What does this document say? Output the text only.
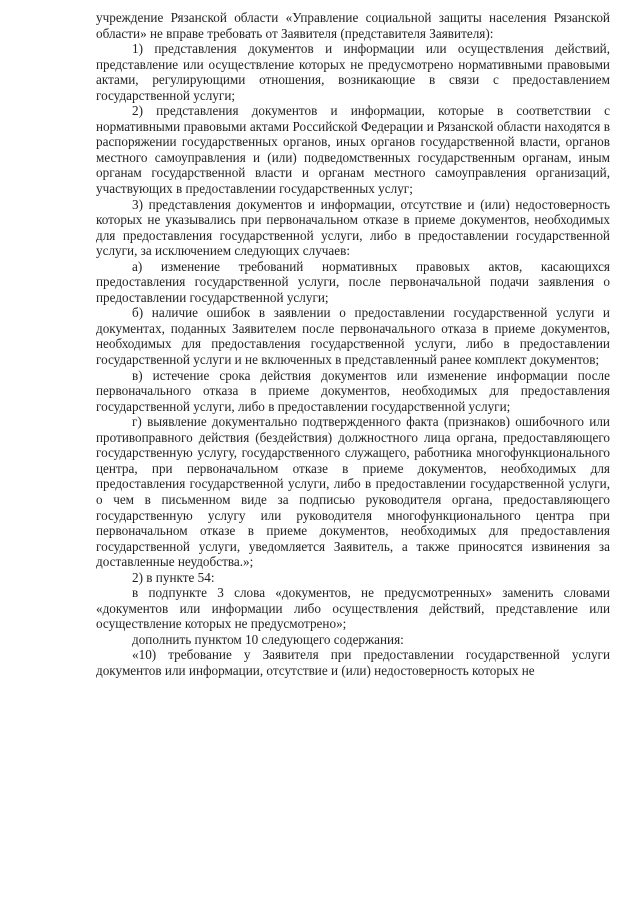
учреждение Рязанской области «Управление социальной защиты населения Рязанской области» не вправе требовать от Заявителя (представителя Заявителя):

1) представления документов и информации или осуществления действий, представление или осуществление которых не предусмотрено нормативными правовыми актами, регулирующими отношения, возникающие в связи с предоставлением государственной услуги;

2) представления документов и информации, которые в соответствии с нормативными правовыми актами Российской Федерации и Рязанской области находятся в распоряжении государственных органов, иных органов государственной власти, органов местного самоуправления и (или) подведомственных государственным органам, иным органам государственной власти и органам местного самоуправления организаций, участвующих в предоставлении государственных услуг;

3) представления документов и информации, отсутствие и (или) недостоверность которых не указывались при первоначальном отказе в приеме документов, необходимых для предоставления государственной услуги, либо в предоставлении государственной услуги, за исключением следующих случаев:

а) изменение требований нормативных правовых актов, касающихся предоставления государственной услуги, после первоначальной подачи заявления о предоставлении государственной услуги;

б) наличие ошибок в заявлении о предоставлении государственной услуги и документах, поданных Заявителем после первоначального отказа в приеме документов, необходимых для предоставления государственной услуги, либо в предоставлении государственной услуги и не включенных в представленный ранее комплект документов;

в) истечение срока действия документов или изменение информации после первоначального отказа в приеме документов, необходимых для предоставления государственной услуги, либо в предоставлении государственной услуги;

г) выявление документально подтвержденного факта (признаков) ошибочного или противоправного действия (бездействия) должностного лица органа, предоставляющего государственную услугу, государственного служащего, работника многофункционального центра, при первоначальном отказе в приеме документов, необходимых для предоставления государственной услуги, либо в предоставлении государственной услуги, о чем в письменном виде за подписью руководителя органа, предоставляющего государственную услугу или руководителя многофункционального центра при первоначальном отказе в приеме документов, необходимых для предоставления государственной услуги, уведомляется Заявитель, а также приносятся извинения за доставленные неудобства.»;

2) в пункте 54:

в подпункте 3 слова «документов, не предусмотренных» заменить словами «документов или информации либо осуществления действий, представление или осуществление которых не предусмотрено»;

дополнить пунктом 10 следующего содержания:

«10) требование у Заявителя при предоставлении государственной услуги документов или информации, отсутствие и (или) недостоверность которых не
